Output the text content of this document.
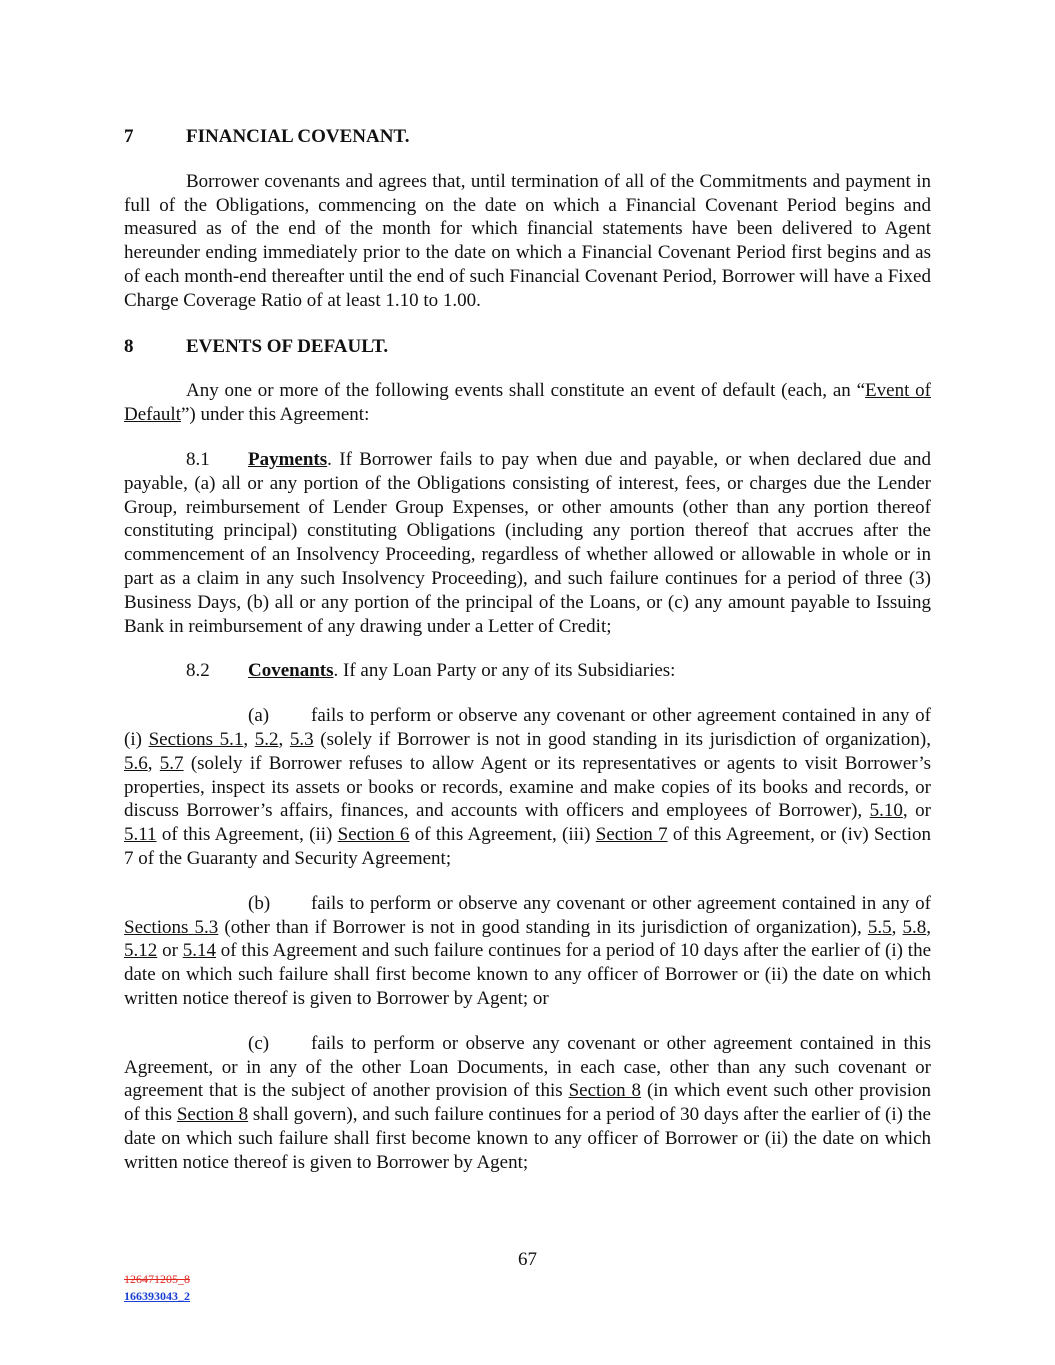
7	FINANCIAL COVENANT.

Borrower covenants and agrees that, until termination of all of the Commitments and payment in full of the Obligations, commencing on the date on which a Financial Covenant Period begins and measured as of the end of the month for which financial statements have been delivered to Agent hereunder ending immediately prior to the date on which a Financial Covenant Period first begins and as of each month-end thereafter until the end of such Financial Covenant Period, Borrower will have a Fixed Charge Coverage Ratio of at least 1.10 to 1.00.

8	EVENTS OF DEFAULT.

Any one or more of the following events shall constitute an event of default (each, an “Event of Default”) under this Agreement:

8.1 Payments. If Borrower fails to pay when due and payable, or when declared due and payable, (a) all or any portion of the Obligations consisting of interest, fees, or charges due the Lender Group, reimbursement of Lender Group Expenses, or other amounts (other than any portion thereof constituting principal) constituting Obligations (including any portion thereof that accrues after the commencement of an Insolvency Proceeding, regardless of whether allowed or allowable in whole or in part as a claim in any such Insolvency Proceeding), and such failure continues for a period of three (3) Business Days, (b) all or any portion of the principal of the Loans, or (c) any amount payable to Issuing Bank in reimbursement of any drawing under a Letter of Credit;

8.2 Covenants. If any Loan Party or any of its Subsidiaries:

(a) fails to perform or observe any covenant or other agreement contained in any of (i) Sections 5.1, 5.2, 5.3 (solely if Borrower is not in good standing in its jurisdiction of organization), 5.6, 5.7 (solely if Borrower refuses to allow Agent or its representatives or agents to visit Borrower’s properties, inspect its assets or books or records, examine and make copies of its books and records, or discuss Borrower’s affairs, finances, and accounts with officers and employees of Borrower), 5.10, or 5.11 of this Agreement, (ii) Section 6 of this Agreement, (iii) Section 7 of this Agreement, or (iv) Section 7 of the Guaranty and Security Agreement;

(b) fails to perform or observe any covenant or other agreement contained in any of Sections 5.3 (other than if Borrower is not in good standing in its jurisdiction of organization), 5.5, 5.8, 5.12 or 5.14 of this Agreement and such failure continues for a period of 10 days after the earlier of (i) the date on which such failure shall first become known to any officer of Borrower or (ii) the date on which written notice thereof is given to Borrower by Agent; or

(c) fails to perform or observe any covenant or other agreement contained in this Agreement, or in any of the other Loan Documents, in each case, other than any such covenant or agreement that is the subject of another provision of this Section 8 (in which event such other provision of this Section 8 shall govern), and such failure continues for a period of 30 days after the earlier of (i) the date on which such failure shall first become known to any officer of Borrower or (ii) the date on which written notice thereof is given to Borrower by Agent;

67
126471205_8
166393043_2
